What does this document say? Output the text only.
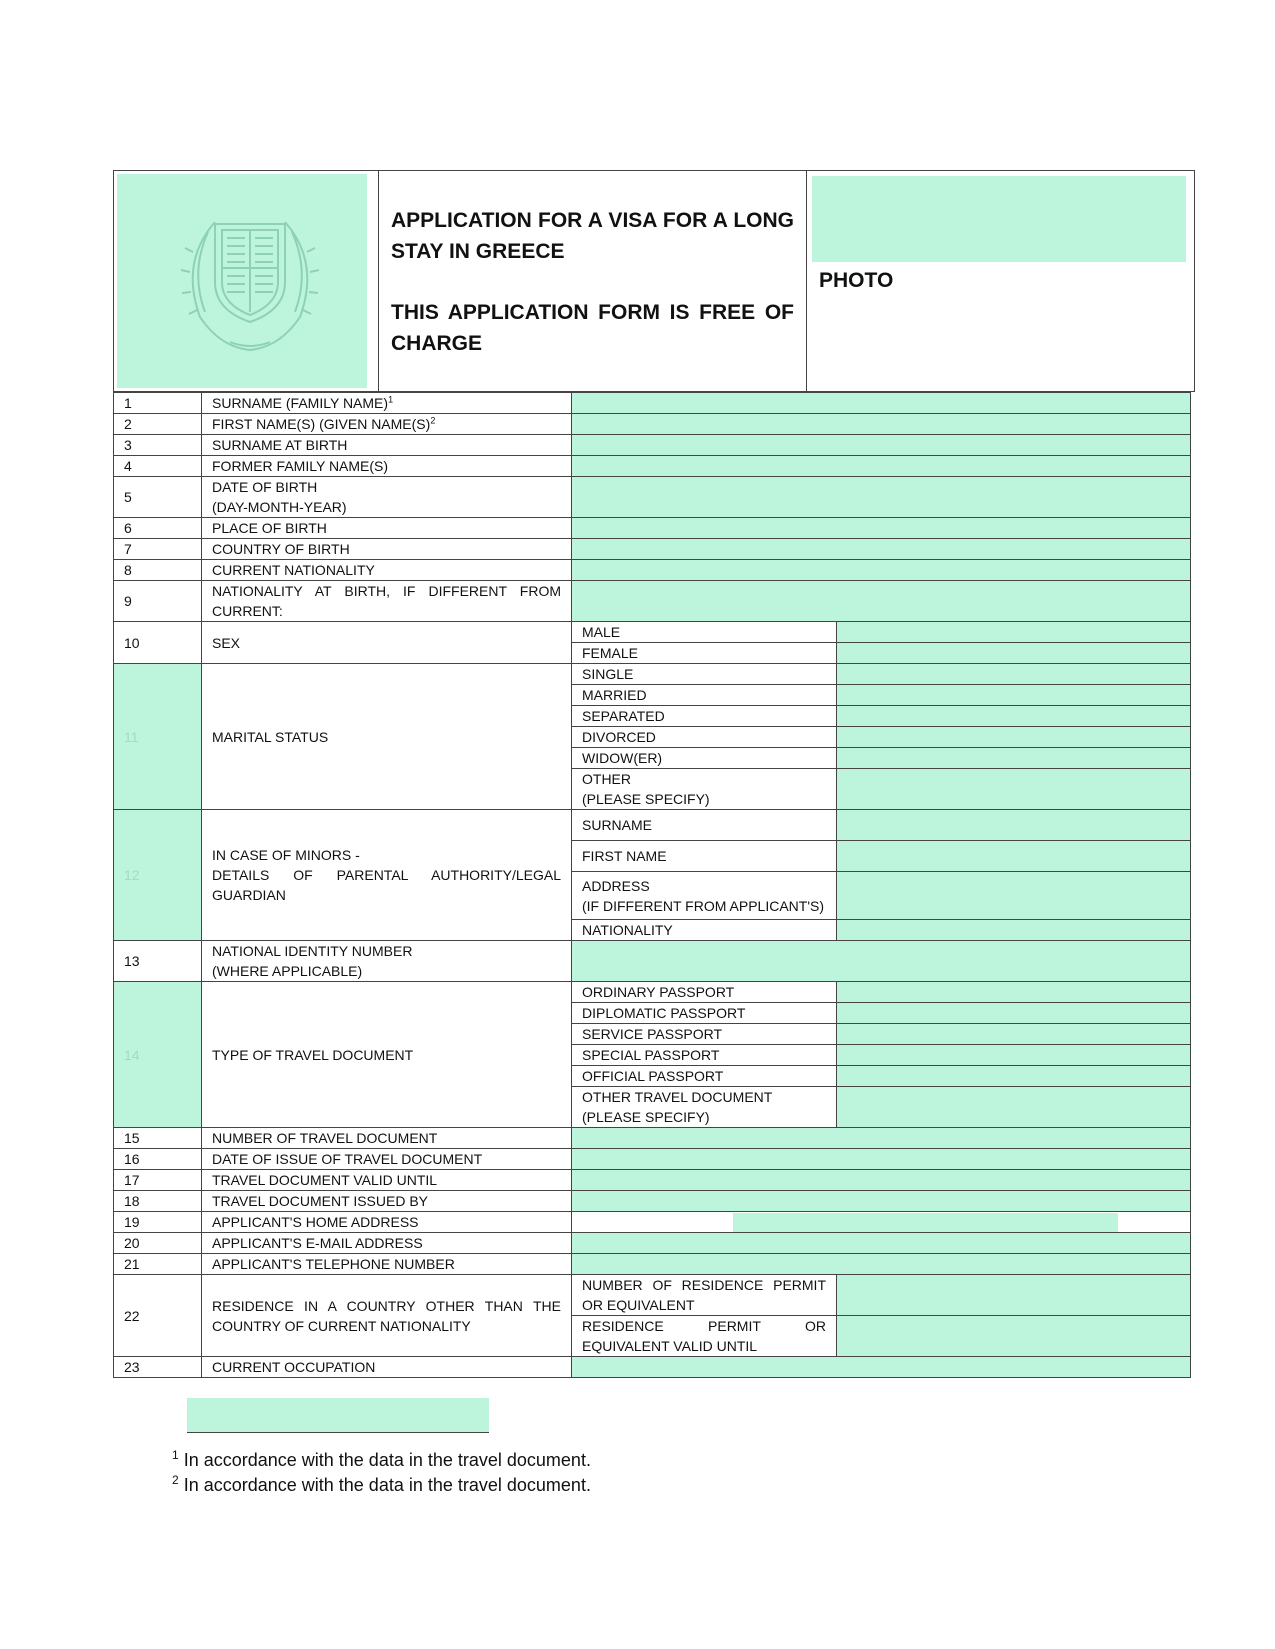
APPLICATION FOR A VISA FOR A LONG STAY IN GREECE

THIS APPLICATION FORM IS FREE OF CHARGE

PHOTO
1	SURNAME (FAMILY NAME)$^1$	
2	FIRST NAME(S) (GIVEN $NAME(S)^2$	
3	SURNAME AT BIRTH		
4	FORMER FAMILY NAME(S)		
5	DATE OF BIRTH
(DAY-MONTH-YEAR)		

6	PLACE OF BIRTH		
7	COUNTRY OF BIRTH		
8	CURRENT NATIONALITY		
9	NATIONALITY AT BIRTH, IF DIFFERENT FROM CURRENT:		
10	SEX	MALE	
		FEMALE	
11	MARITAL STATUS	SINGLE	
		MARRIED	
		SEPARATED	
		DIVORCED	
		WIDOW(ER)	

		OTHER
(PLEASE SPECIFY)	

12	IN CASE OF MINORS -
DETAILS OF PARENTAL AUTHORITY/LEGAL GUARDIAN	SURNAME	
		FIRST NAME	

		ADDRESS
(IF DIFFERENT FROM APPLICANT'S)	

		NATIONALITY	
13	NATIONAL IDENTITY NUMBER
(WHERE APPLICABLE)		

14	TYPE OF TRAVEL DOCUMENT	ORDINARY PASSPORT	
		DIPLOMATIC PASSPORT	
		SERVICE PASSPORT	
		SPECIAL PASSPORT	
		OFFICIAL PASSPORT	

		OTHER TRAVEL DOCUMENT
(PLEASE SPECIFY)	

15	NUMBER OF TRAVEL DOCUMENT		
16	DATE OF ISSUE OF TRAVEL DOCUMENT		
17	TRAVEL DOCUMENT VALID UNTIL		
18	TRAVEL DOCUMENT ISSUED BY		
19	APPLICANT'S HOME ADDRESS		

20	APPLICANT'S E-MAIL ADDRESS		
21	APPLICANT'S TELEPHONE NUMBER		
22	RESIDENCE IN A COUNTRY OTHER THAN THE COUNTRY OF CURRENT NATIONALITY	NUMBER OF RESIDENCE PERMIT OR EQUIVALENT	
		RESIDENCE PERMIT OR EQUIVALENT VALID UNTIL	
23	CURRENT OCCUPATION		
$^1$ In accordance with the data in the travel document.
$^2$ In accordance with the data in the travel document.
